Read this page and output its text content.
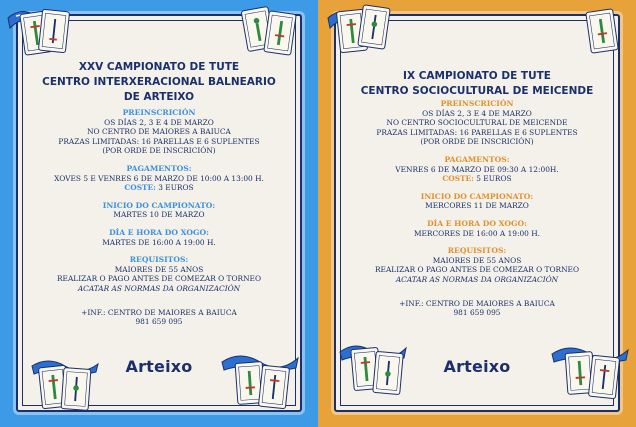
XXV CAMPIONATO DE TUTE
CENTRO INTERXERACIONAL BALNEARIO
DE ARTEIXO
PREINSCRICIÓN
OS DÍAS 2, 3 E 4 DE MARZO
NO CENTRO DE MAIORES A BAIUCA
PRAZAS LIMITADAS: 16 PARELLAS E 6 SUPLENTES
(POR ORDE DE INSCRICIÓN)
PAGAMENTOS:
XOVES 5 E VENRES 6 DE MARZO DE 10:00 A 13:00 H.
COSTE: 3 EUROS
INICIO DO CAMPIONATO:
MARTES 10 DE MARZO
DÍA E HORA DO XOGO:
MARTES DE 16:00 A 19:00 H.
REQUISITOS:
MAIORES DE 55 ANOS
REALIZAR O PAGO ANTES DE COMEZAR O TORNEO
ACATAR AS NORMAS DA ORGANIZACIÓN
+INF.: CENTRO DE MAIORES A BAIUCA
981 659 095
Arteixo
IX CAMPIONATO DE TUTE
CENTRO SOCIOCULTURAL DE MEICENDE
PREINSCRICIÓN
OS DÍAS 2, 3 E 4 DE MARZO
NO CENTRO SOCIOCULTURAL DE MEICENDE
PRAZAS LIMITADAS: 16 PARELLAS E 6 SUPLENTES
(POR ORDE DE INSCRICIÓN)
PAGAMENTOS:
VENRES 6 DE MARZO DE 09:30 A 12:00H.
COSTE: 5 EUROS
INICIO DO CAMPIONATO:
MERCORES 11 DE MARZO
DÍA E HORA DO XOGO:
MERCORES DE 16:00 A 19:00 H.
REQUISITOS:
MAIORES DE 55 ANOS
REALIZAR O PAGO ANTES DE COMEZAR O TORNEO
ACATAR AS NORMAS DA ORGANIZACIÓN
+INF.: CENTRO DE MAIORES A BAIUCA
981 659 095
Arteixo
